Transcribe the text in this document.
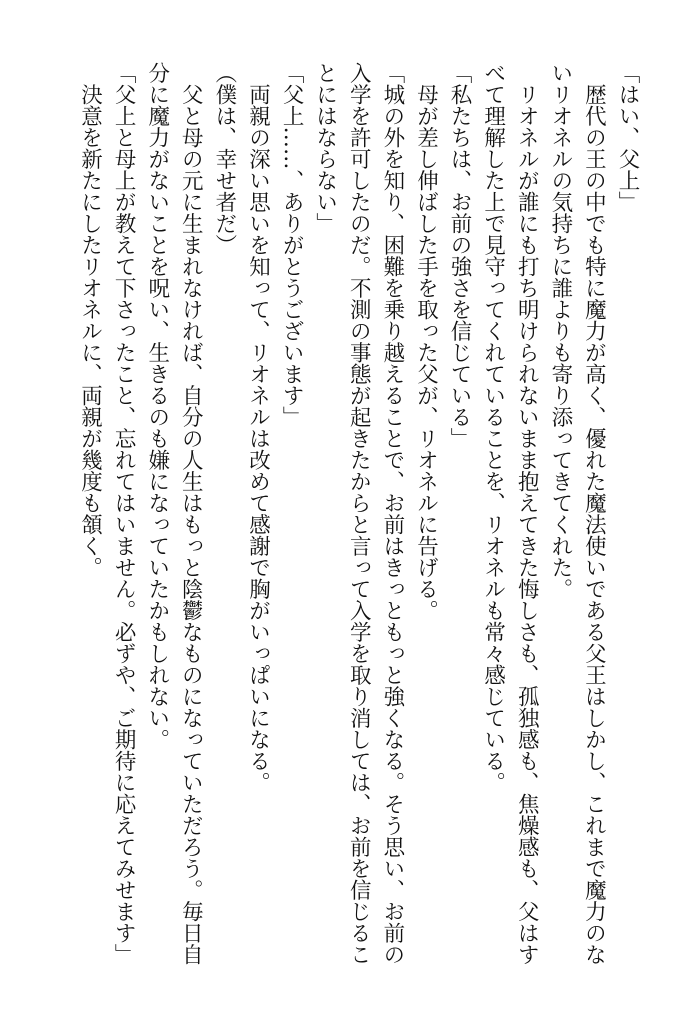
「はい、父上」
　歴代の王の中でも特に魔力が高く、優れた魔法使いである父王はしかし、これまで魔力のな
いリオネルの気持ちに誰よりも寄り添ってきてくれた。
　リオネルが誰にも打ち明けられないまま抱えてきた悔しさも、孤独感も、焦燥感も、父はす
べて理解した上で見守ってくれていることを、リオネルも常々感じている。
「私たちは、お前の強さを信じている」
　母が差し伸ばした手を取った父が、リオネルに告げる。
「城の外を知り、困難を乗り越えることで、お前はきっともっと強くなる。そう思い、お前の
入学を許可したのだ。不測の事態が起きたからと言って入学を取り消しては、お前を信じるこ
とにはならない」
「父上……、ありがとうございます」
　両親の深い思いを知って、リオネルは改めて感謝で胸がいっぱいになる。
（僕は、幸せ者だ）
　父と母の元に生まれなければ、自分の人生はもっと陰鬱なものになっていただろう。毎日自
分に魔力がないことを呪い、生きるのも嫌になっていたかもしれない。
「父上と母上が教えて下さったこと、忘れてはいません。必ずや、ご期待に応えてみせます」
　決意を新たにしたリオネルに、両親が幾度も頷く。
